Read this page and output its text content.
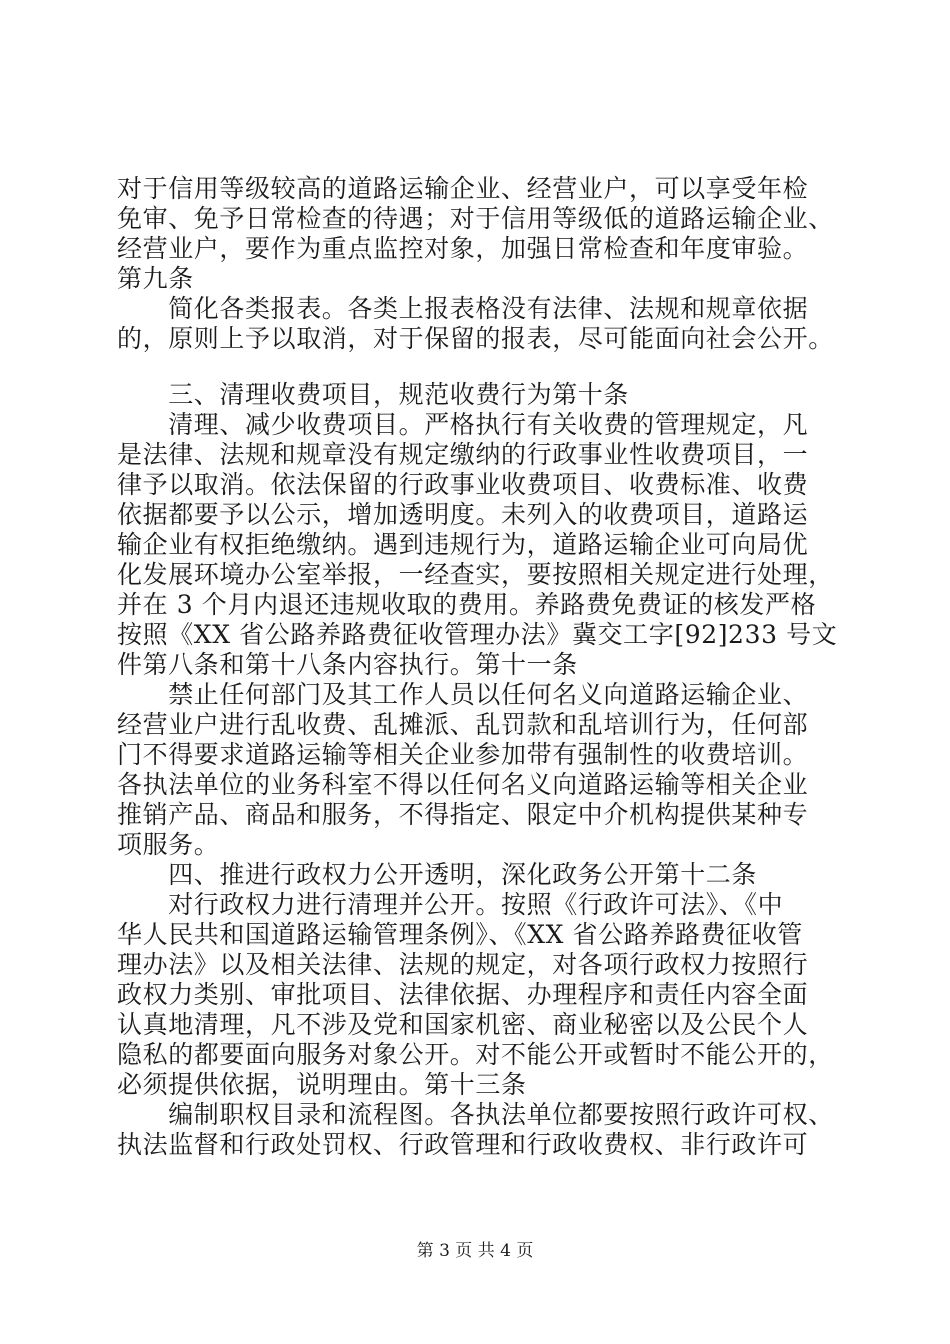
对于信用等级较高的道路运输企业、经营业户，可以享受年检
免审、免予日常检查的待遇；对于信用等级低的道路运输企业、
经营业户，要作为重点监控对象，加强日常检查和年度审验。
第九条
　　简化各类报表。各类上报表格没有法律、法规和规章依据
的，原则上予以取消，对于保留的报表，尽可能面向社会公开。
　　三、清理收费项目，规范收费行为第十条
　　清理、减少收费项目。严格执行有关收费的管理规定，凡
是法律、法规和规章没有规定缴纳的行政事业性收费项目，一
律予以取消。依法保留的行政事业收费项目、收费标准、收费
依据都要予以公示，增加透明度。未列入的收费项目，道路运
输企业有权拒绝缴纳。遇到违规行为，道路运输企业可向局优
化发展环境办公室举报，一经查实，要按照相关规定进行处理，
并在 3 个月内退还违规收取的费用。养路费免费证的核发严格
按照《XX 省公路养路费征收管理办法》冀交工字[92]233 号文
件第八条和第十八条内容执行。第十一条
　　禁止任何部门及其工作人员以任何名义向道路运输企业、
经营业户进行乱收费、乱摊派、乱罚款和乱培训行为，任何部
门不得要求道路运输等相关企业参加带有强制性的收费培训。
各执法单位的业务科室不得以任何名义向道路运输等相关企业
推销产品、商品和服务，不得指定、限定中介机构提供某种专
项服务。
　　四、推进行政权力公开透明，深化政务公开第十二条
　　对行政权力进行清理并公开。按照《行政许可法》、《中
华人民共和国道路运输管理条例》、《XX 省公路养路费征收管
理办法》以及相关法律、法规的规定，对各项行政权力按照行
政权力类别、审批项目、法律依据、办理程序和责任内容全面
认真地清理，凡不涉及党和国家机密、商业秘密以及公民个人
隐私的都要面向服务对象公开。对不能公开或暂时不能公开的，
必须提供依据，说明理由。第十三条
　　编制职权目录和流程图。各执法单位都要按照行政许可权、
执法监督和行政处罚权、行政管理和行政收费权、非行政许可
第 3 页 共 4 页
